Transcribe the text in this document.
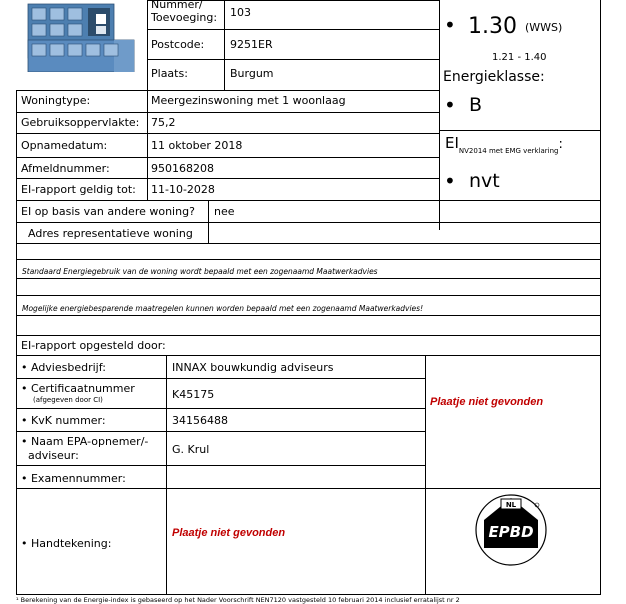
Nummer/
Toevoeging: 103
Postcode: 9251ER
Plaats:	Burgum
• 1.30 (WWS)
1.21 - 1.40
Energieklasse:
• B
$EI_{NV2014 met EMG verklaring}$:
• nvt
Woningtype:	Meergezinswoning met 1 woonlaag
Gebruiksoppervlakte: 75,2
Opnamedatum:	11 oktober 2018
Afmeldnummer:	950168208
EI-rapport geldig tot: 11-10-2028
EI op basis van andere woning? nee
Adres representatieve woning
Standaard Energiegebruik van de woning wordt bepaald met een zogenaamd Maatwerkadvies
Mogelijke energiebesparende maatregelen kunnen worden bepaald met een zogenaamd Maatwerkadvies!
EI-rapport opgesteld door:
• Adviesbedrijf:	INNAX bouwkundig adviseurs
• Certificaatnummer
(afgegeven door CI)	K45175
• KvK nummer:	34156488
• Naam EPA-opnemer/-
adviseur:	G. Krul
• Examennummer:
• Handtekening:
Plaatje niet gevonden
Plaatje niet gevonden
NL
EPBD
¹ Berekening van de Energie-index is gebaseerd op het Nader Voorschrift NEN7120 vastgesteld 10 februari 2014 inclusief erratalijst nr 2
